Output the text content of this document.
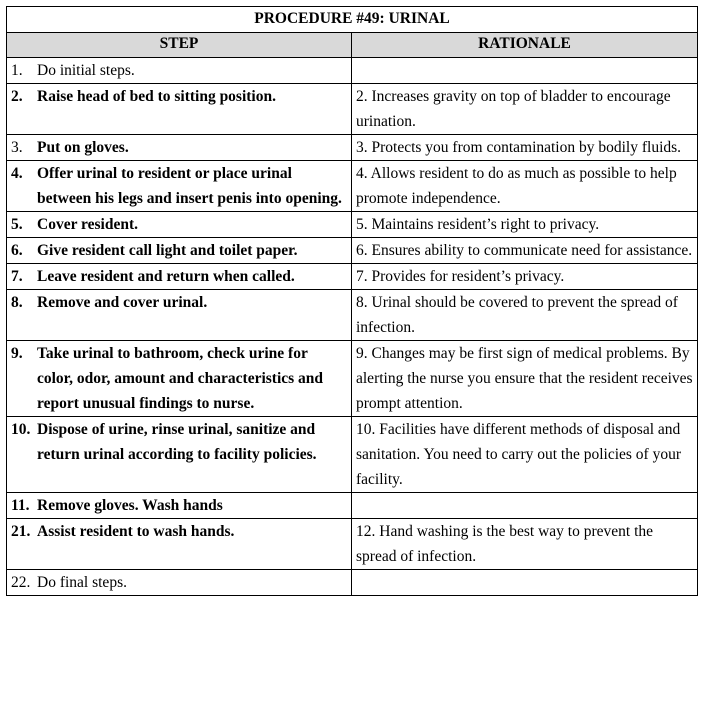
PROCEDURE #49: URINAL	
STEP	RATIONALE

1. Do initial steps.	

2. Raise head of bed to sitting position.	2. Increases gravity on top of bladder to encourage urination.

3. Put on gloves.	3. Protects you from contamination by bodily fluids.

4. Offer urinal to resident or place urinal between his legs and insert penis into opening.	4. Allows resident to do as much as possible to help promote independence.

5. Cover resident.	5. Maintains resident’s right to privacy.

6. Give resident call light and toilet paper.	6. Ensures ability to communicate need for assistance.

7. Leave resident and return when called.	7. Provides for resident’s privacy.

8. Remove and cover urinal.	8. Urinal should be covered to prevent the spread of infection.

9. Take urinal to bathroom, check urine for color, odor, amount and characteristics and report unusual findings to nurse.	9. Changes may be first sign of medical problems. By alerting the nurse you ensure that the resident receives prompt attention.

10. Dispose of urine, rinse urinal, sanitize and return urinal according to facility policies.	10. Facilities have different methods of disposal and sanitation. You need to carry out the policies of your facility.

11. Remove gloves. Wash hands	

21. Assist resident to wash hands.	12. Hand washing is the best way to prevent the spread of infection.

22. Do final steps.	
